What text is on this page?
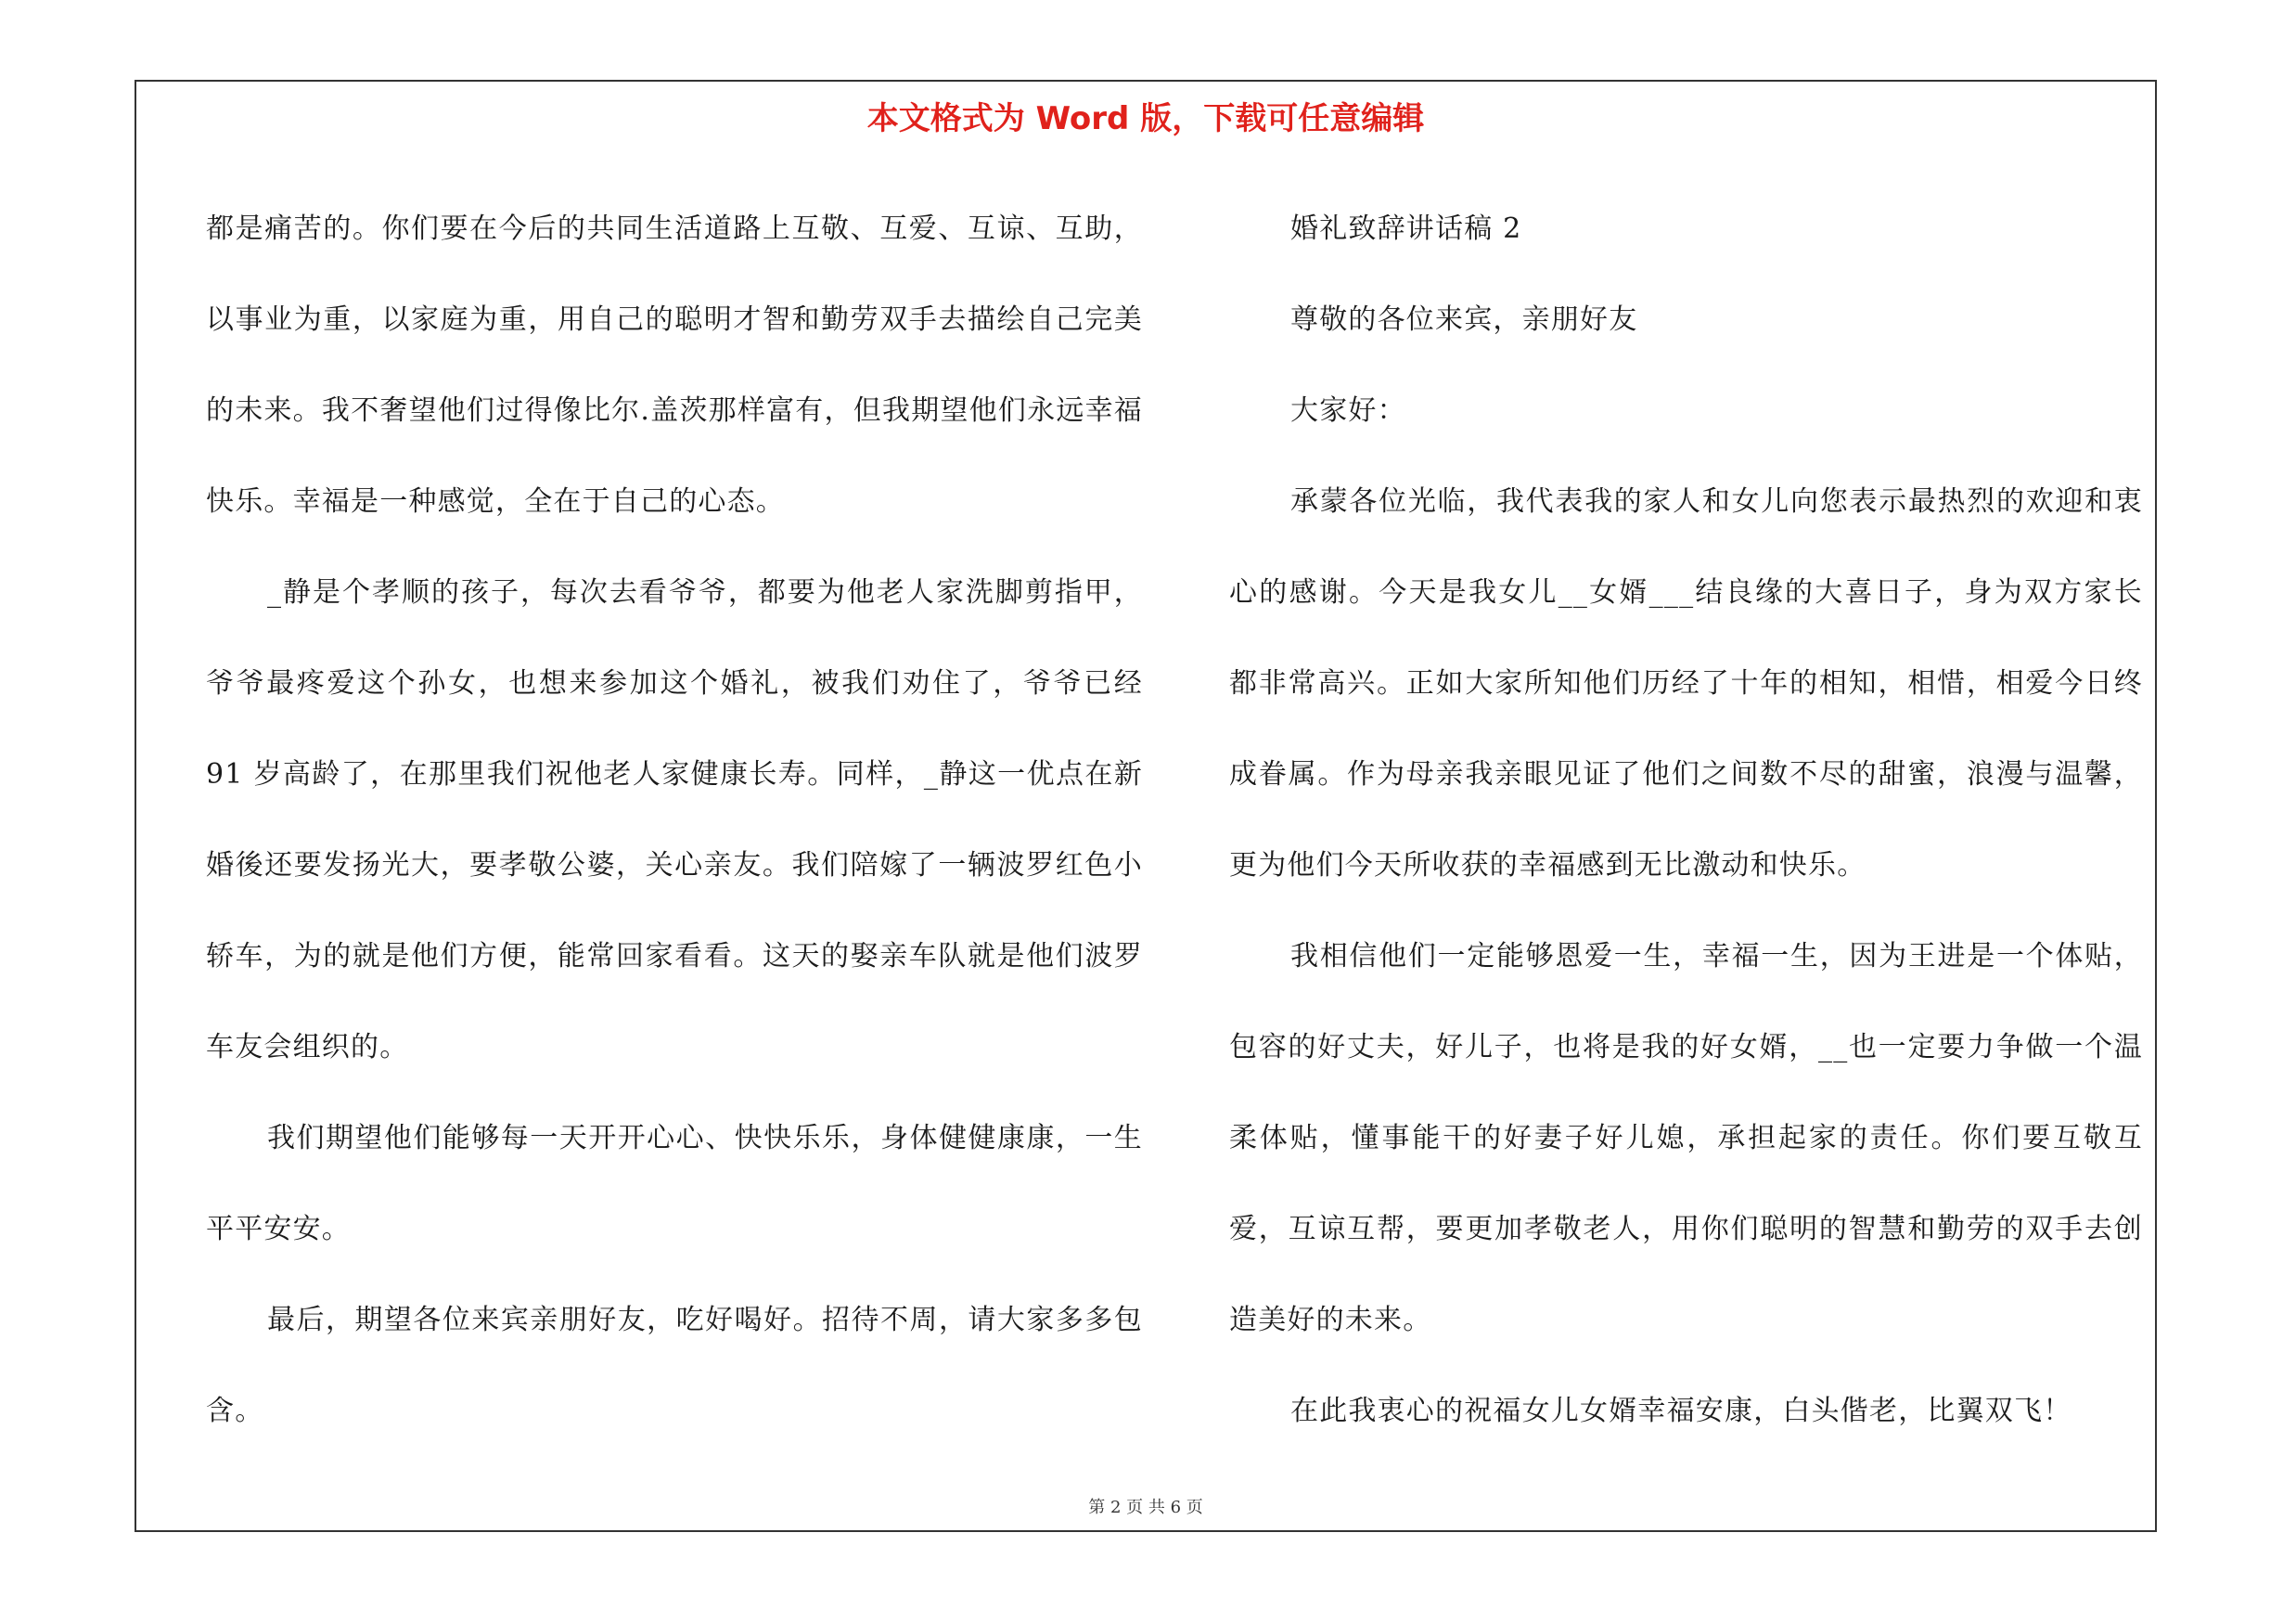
本文格式为 Word 版，下载可任意编辑

都是痛苦的。你们要在今后的共同生活道路上互敬、互爱、互谅、互助，以事业为重，以家庭为重，用自己的聪明才智和勤劳双手去描绘自己完美的未来。我不奢望他们过得像比尔.盖茨那样富有，但我期望他们永远幸福快乐。幸福是一种感觉，全在于自己的心态。

_静是个孝顺的孩子，每次去看爷爷，都要为他老人家洗脚剪指甲，爷爷最疼爱这个孙女，也想来参加这个婚礼，被我们劝住了，爷爷已经 91 岁高龄了，在那里我们祝他老人家健康长寿。同样，_静这一优点在新婚後还要发扬光大，要孝敬公婆，关心亲友。我们陪嫁了一辆波罗红色小轿车，为的就是他们方便，能常回家看看。这天的娶亲车队就是他们波罗车友会组织的。

我们期望他们能够每一天开开心心、快快乐乐，身体健健康康，一生平平安安。

最后，期望各位来宾亲朋好友，吃好喝好。招待不周，请大家多多包含。

婚礼致辞讲话稿 2

尊敬的各位来宾，亲朋好友

大家好：

承蒙各位光临，我代表我的家人和女儿向您表示最热烈的欢迎和衷心的感谢。今天是我女儿__女婿___结良缘的大喜日子，身为双方家长都非常高兴。正如大家所知他们历经了十年的相知，相惜，相爱今日终成眷属。作为母亲我亲眼见证了他们之间数不尽的甜蜜，浪漫与温馨，更为他们今天所收获的幸福感到无比激动和快乐。

我相信他们一定能够恩爱一生，幸福一生，因为王进是一个体贴，包容的好丈夫，好儿子，也将是我的好女婿，__也一定要力争做一个温柔体贴，懂事能干的好妻子好儿媳，承担起家的责任。你们要互敬互爱，互谅互帮，要更加孝敬老人，用你们聪明的智慧和勤劳的双手去创造美好的未来。

在此我衷心的祝福女儿女婿幸福安康，白头偕老，比翼双飞！

第 2 页 共 6 页
